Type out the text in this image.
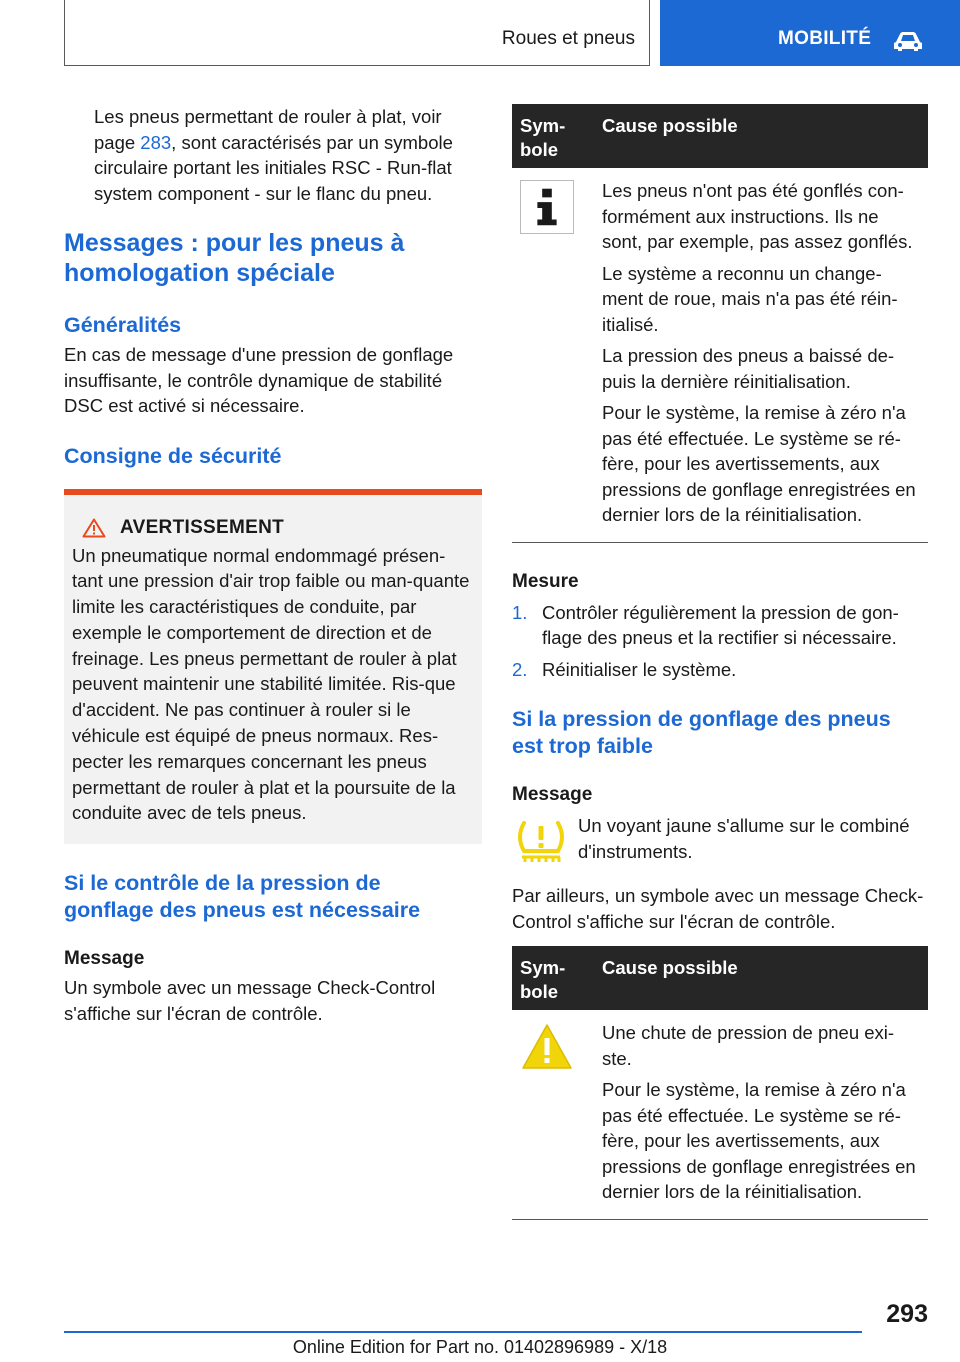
Roues et pneus	MOBILITÉ

Les pneus permettant de rouler à plat, voir page 283, sont caractérisés par un symbole circulaire portant les initiales RSC - Run-flat system component - sur le flanc du pneu.

Messages : pour les pneus à
homologation spéciale
Généralités

En cas de message d'une pression de gonflage insuffisante, le contrôle dynamique de stabilité DSC est activé si nécessaire.

Consigne de sécurité
AVERTISSEMENT

Un pneumatique normal endommagé présen-tant une pression d'air trop faible ou man-quante limite les caractéristiques de conduite, par exemple le comportement de direction et de freinage. Les pneus permettant de rouler à plat peuvent maintenir une stabilité limitée. Ris-que d'accident. Ne pas continuer à rouler si le véhicule est équipé de pneus normaux. Res-pecter les remarques concernant les pneus permettant de rouler à plat et la poursuite de la conduite avec de tels pneus.

Si le contrôle de la pression de
gonflage des pneus est nécessaire
Message

Un symbole avec un message Check-Control s'affiche sur l'écran de contrôle.

Sym-
bole
Cause possible

Les pneus n'ont pas été gonflés con-formément aux instructions. Ils ne sont, par exemple, pas assez gonflés.

Le système a reconnu un change-ment de roue, mais n'a pas été réin-itialisé.

La pression des pneus a baissé de-puis la dernière réinitialisation.

Pour le système, la remise à zéro n'a pas été effectuée. Le système se ré-fère, pour les avertissements, aux pressions de gonflage enregistrées en dernier lors de la réinitialisation.

Mesure
1. Contrôler régulièrement la pression de gon-flage des pneus et la rectifier si nécessaire.
2. Réinitialiser le système.
Si la pression de gonflage des pneus
est trop faible
Message

Un voyant jaune s'allume sur le combiné d'instruments.

Par ailleurs, un symbole avec un message Check-Control s'affiche sur l'écran de contrôle.

Sym-
bole
Cause possible

Une chute de pression de pneu exi-ste.

Pour le système, la remise à zéro n'a pas été effectuée. Le système se ré-fère, pour les avertissements, aux pressions de gonflage enregistrées en dernier lors de la réinitialisation.

293
Online Edition for Part no. 01402896989 - X/18
